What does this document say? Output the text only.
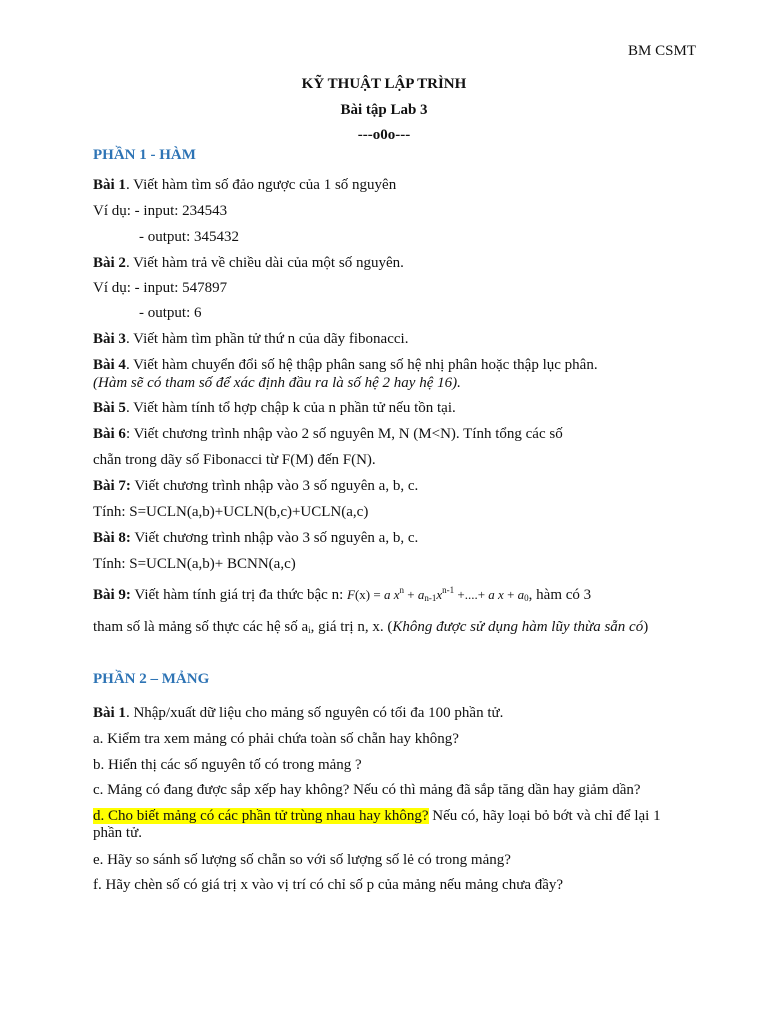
BM CSMT
KỸ THUẬT LẬP TRÌNH
Bài tập Lab 3
---o0o---
PHẦN 1 - HÀM

Bài 1. Viết hàm tìm số đảo ngược của 1 số nguyên

Ví dụ: - input: 234543

- output: 345432

Bài 2. Viết hàm trả về chiều dài của một số nguyên.

Ví dụ: - input: 547897

- output: 6

Bài 3. Viết hàm tìm phần tử thứ n của dãy fibonacci.

Bài 4. Viết hàm chuyển đổi số hệ thập phân sang số hệ nhị phân hoặc thập lục phân.
(Hàm sẽ có tham số để xác định đầu ra là số hệ 2 hay hệ 16).

Bài 5. Viết hàm tính tổ hợp chập k của n phần tử nếu tồn tại.

Bài 6: Viết chương trình nhập vào 2 số nguyên M, N (M<N). Tính tổng các số

chẵn trong dãy số Fibonacci từ F(M) đến F(N).

Bài 7: Viết chương trình nhập vào 3 số nguyên a, b, c.

Tính: S=UCLN(a,b)+UCLN(b,c)+UCLN(a,c)

Bài 8: Viết chương trình nhập vào 3 số nguyên a, b, c.

Tính: S=UCLN(a,b)+ BCNN(a,c)

Bài 9: Viết hàm tính giá trị đa thức bậc n: F(x) = a $x^n + a_{n-1}x^{n-1}$ +....+ a $x + a_0$, hàm có 3

tham số là mảng số thực các hệ số $a_i$, giá trị n, x. (Không được sử dụng hàm lũy thừa sẵn có)

PHẦN 2 – MẢNG

Bài 1. Nhập/xuất dữ liệu cho mảng số nguyên có tối đa 100 phần tử.

a. Kiểm tra xem mảng có phải chứa toàn số chẵn hay không?

b. Hiển thị các số nguyên tố có trong mảng ?

c. Mảng có đang được sắp xếp hay không? Nếu có thì mảng đã sắp tăng dần hay giảm dần?

d. Cho biết mảng có các phần tử trùng nhau hay không? Nếu có, hãy loại bỏ bớt và chỉ để lại 1 phần tử.

e. Hãy so sánh số lượng số chẵn so với số lượng số lẻ có trong mảng?

f. Hãy chèn số có giá trị x vào vị trí có chỉ số p của mảng nếu mảng chưa đầy?
